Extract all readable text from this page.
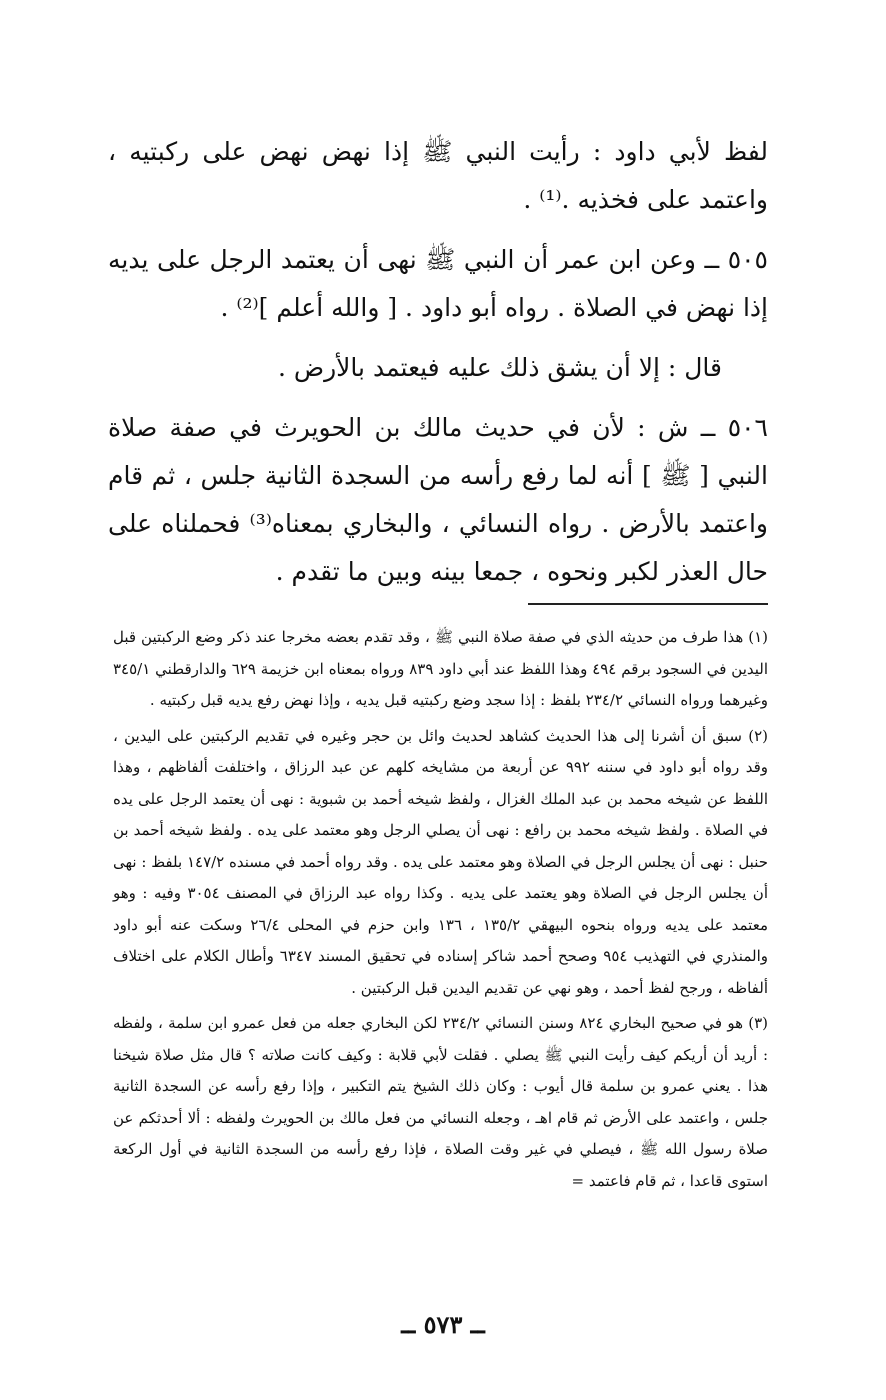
لفظ لأبي داود : رأيت النبي ﷺ إذا نهض نهض على ركبتيه ، واعتمد على فخذيه .⁽¹⁾ .

٥٠٥ ــ وعن ابن عمر أن النبي ﷺ نهى أن يعتمد الرجل على يديه إذا نهض في الصلاة . رواه أبو داود . [ والله أعلم ]⁽²⁾ .

قال : إلا أن يشق ذلك عليه فيعتمد بالأرض .

٥٠٦ ــ ش : لأن في حديث مالك بن الحويرث في صفة صلاة النبي [ ﷺ ] أنه لما رفع رأسه من السجدة الثانية جلس ، ثم قام واعتمد بالأرض . رواه النسائي ، والبخاري بمعناه⁽³⁾ فحملناه على حال العذر لكبر ونحوه ، جمعا بينه وبين ما تقدم .

(١) هذا طرف من حديثه الذي في صفة صلاة النبي ﷺ ، وقد تقدم بعضه مخرجا عند ذكر وضع الركبتين قبل اليدين في السجود برقم ٤٩٤ وهذا اللفظ عند أبي داود ٨٣٩ ورواه بمعناه ابن خزيمة ٦٢٩ والدارقطني ٣٤٥/١ وغيرهما ورواه النسائي ٢٣٤/٢ بلفظ : إذا سجد وضع ركبتيه قبل يديه ، وإذا نهض رفع يديه قبل ركبتيه .

(٢) سبق أن أشرنا إلى هذا الحديث كشاهد لحديث وائل بن حجر وغيره في تقديم الركبتين على اليدين ، وقد رواه أبو داود في سننه ٩٩٢ عن أربعة من مشايخه كلهم عن عبد الرزاق ، واختلفت ألفاظهم ، وهذا اللفظ عن شيخه محمد بن عبد الملك الغزال ، ولفظ شيخه أحمد بن شبوية : نهى أن يعتمد الرجل على يده في الصلاة . ولفظ شيخه محمد بن رافع : نهى أن يصلي الرجل وهو معتمد على يده . ولفظ شيخه أحمد بن حنبل : نهى أن يجلس الرجل في الصلاة وهو معتمد على يده . وقد رواه أحمد في مسنده ١٤٧/٢ بلفظ : نهى أن يجلس الرجل في الصلاة وهو يعتمد على يديه . وكذا رواه عبد الرزاق في المصنف ٣٠٥٤ وفيه : وهو معتمد على يديه ورواه بنحوه البيهقي ١٣٥/٢ ، ١٣٦ وابن حزم في المحلى ٢٦/٤ وسكت عنه أبو داود والمنذري في التهذيب ٩٥٤ وصحح أحمد شاكر إسناده في تحقيق المسند ٦٣٤٧ وأطال الكلام على اختلاف ألفاظه ، ورجح لفظ أحمد ، وهو نهي عن تقديم اليدين قبل الركبتين .

(٣) هو في صحيح البخاري ٨٢٤ وسنن النسائي ٢٣٤/٢ لكن البخاري جعله من فعل عمرو ابن سلمة ، ولفظه : أريد أن أريكم كيف رأيت النبي ﷺ يصلي . فقلت لأبي قلابة : وكيف كانت صلاته ؟ قال مثل صلاة شيخنا هذا . يعني عمرو بن سلمة قال أيوب : وكان ذلك الشيخ يتم التكبير ، وإذا رفع رأسه عن السجدة الثانية جلس ، واعتمد على الأرض ثم قام اهـ ، وجعله النسائي من فعل مالك بن الحويرث ولفظه : ألا أحدثكم عن صلاة رسول الله ﷺ ، فيصلي في غير وقت الصلاة ، فإذا رفع رأسه من السجدة الثانية في أول الركعة استوى قاعدا ، ثم قام فاعتمد =

ــ ٥٧٣ ــ
